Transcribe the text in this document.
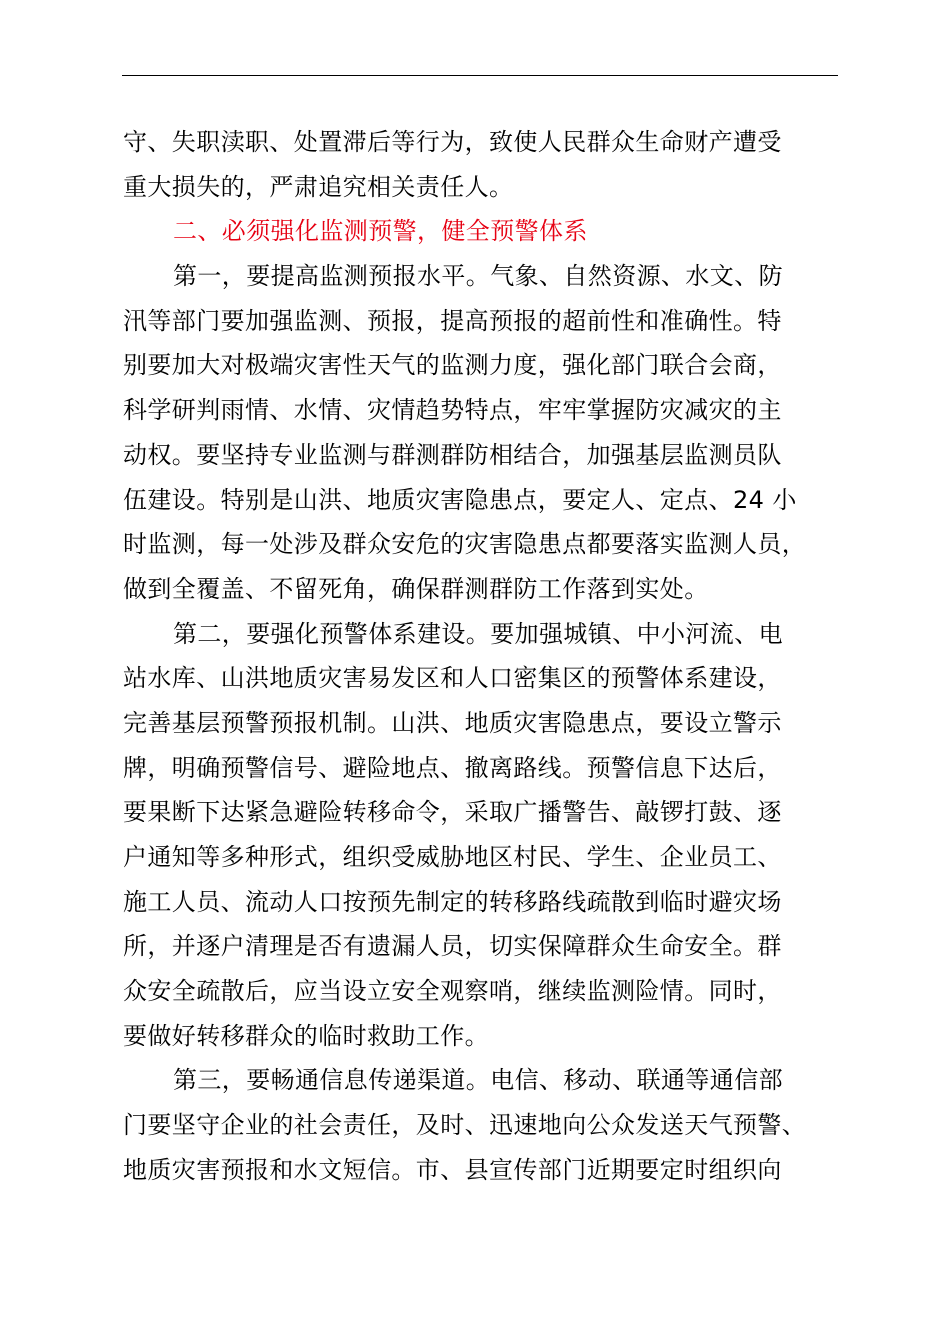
守、失职渎职、处置滞后等行为，致使人民群众生命财产遭受
重大损失的，严肃追究相关责任人。
二、必须强化监测预警，健全预警体系
第一，要提高监测预报水平。气象、自然资源、水文、防
汛等部门要加强监测、预报，提高预报的超前性和准确性。特
别要加大对极端灾害性天气的监测力度，强化部门联合会商，
科学研判雨情、水情、灾情趋势特点，牢牢掌握防灾减灾的主
动权。要坚持专业监测与群测群防相结合，加强基层监测员队
伍建设。特别是山洪、地质灾害隐患点，要定人、定点、24 小
时监测，每一处涉及群众安危的灾害隐患点都要落实监测人员，
做到全覆盖、不留死角，确保群测群防工作落到实处。
第二，要强化预警体系建设。要加强城镇、中小河流、电
站水库、山洪地质灾害易发区和人口密集区的预警体系建设，
完善基层预警预报机制。山洪、地质灾害隐患点，要设立警示
牌，明确预警信号、避险地点、撤离路线。预警信息下达后，
要果断下达紧急避险转移命令，采取广播警告、敲锣打鼓、逐
户通知等多种形式，组织受威胁地区村民、学生、企业员工、
施工人员、流动人口按预先制定的转移路线疏散到临时避灾场
所，并逐户清理是否有遗漏人员，切实保障群众生命安全。群
众安全疏散后，应当设立安全观察哨，继续监测险情。同时，
要做好转移群众的临时救助工作。
第三，要畅通信息传递渠道。电信、移动、联通等通信部
门要坚守企业的社会责任，及时、迅速地向公众发送天气预警、
地质灾害预报和水文短信。市、县宣传部门近期要定时组织向
